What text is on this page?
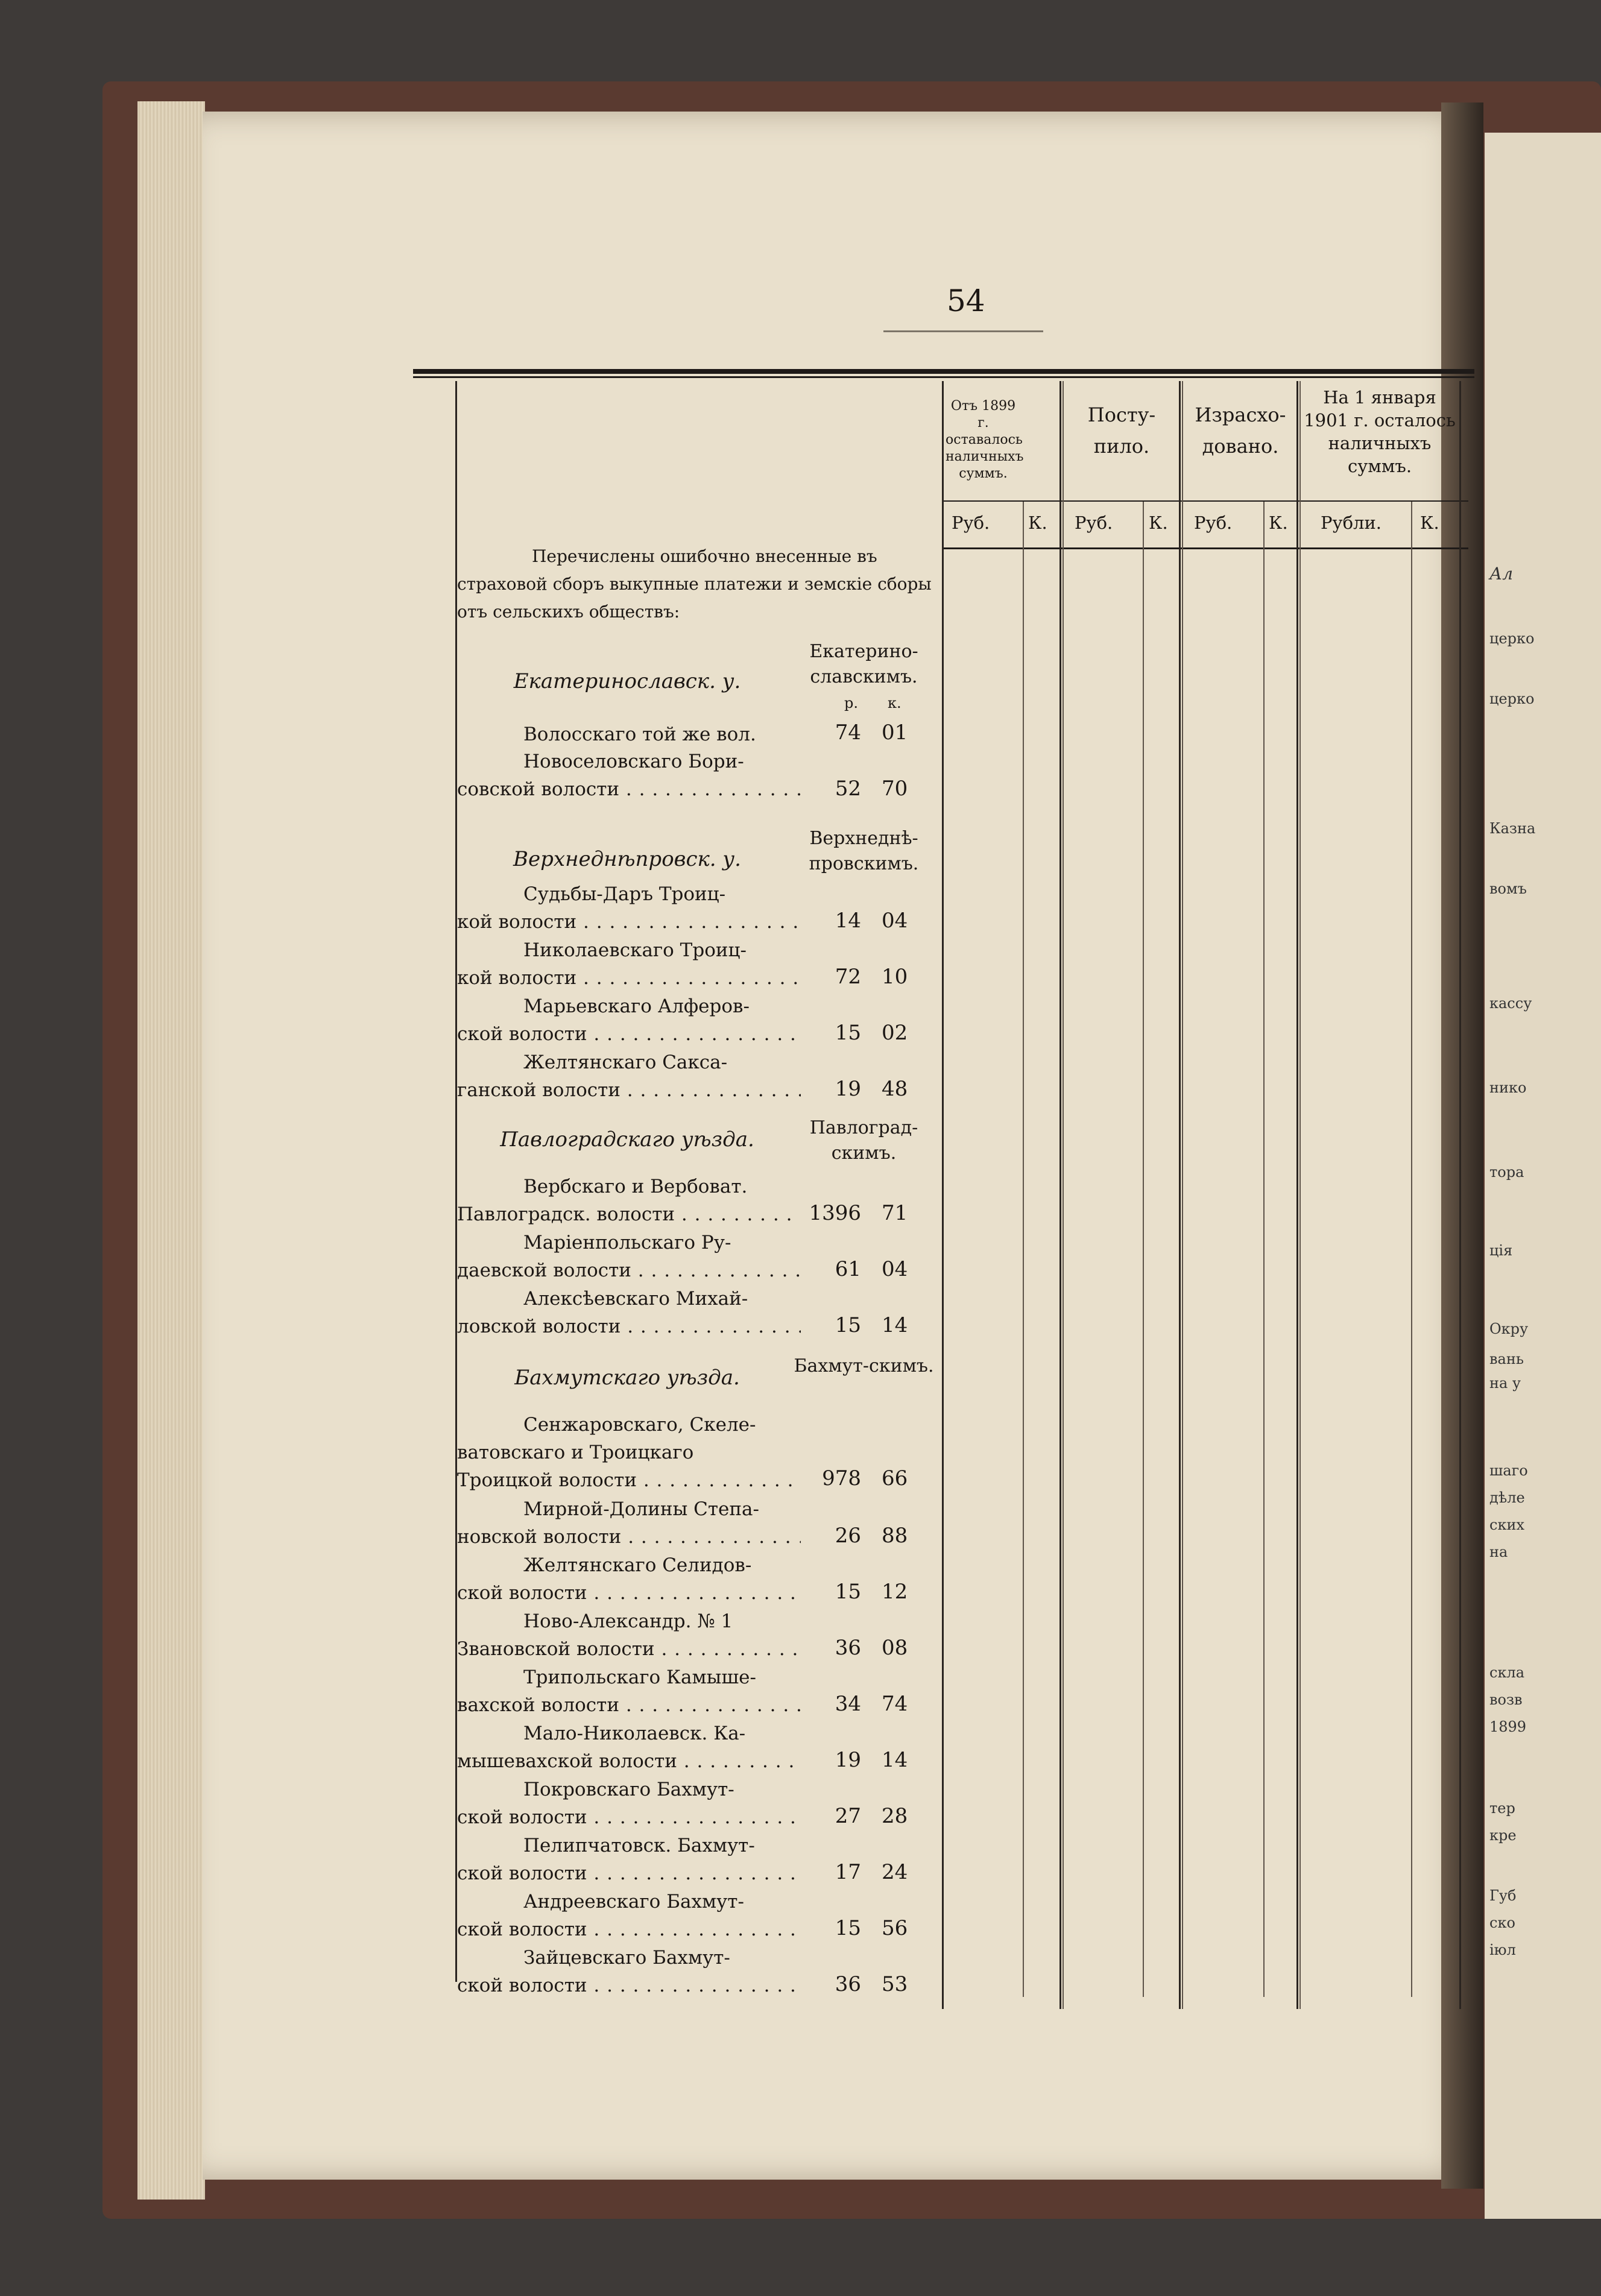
Ал
церко
церко
Казна
вомъ
кассу
нико
тора
ція
Окру
вань
на у
шаго
дѣле
ских
на
скла
возв
1899
тер
кре
Губ
ско
іюл
54
Отъ 1899 г. оставалось наличныхъ суммъ.
Посту-пило.
Израсхо-довано.
На 1 января 1901 г. осталось наличныхъ суммъ.
Руб. К. Руб. К. Руб. К. Рубли. К.
Перечислены ошибочно внесенные въ страховой сборъ выкупные платежи и земскіе сборы отъ сельскихъ обществъ:
Екатеринославск. у.
Екатерино-славскимъ.
р. к.
Волосскаго той же вол.	74 01
Новоселовскаго Бори-
совской волости . . .	52 70
Верхнеднѣпровск. у.
Верхнеднѣ-провскимъ.
Судьбы-Даръ Троиц-
кой волости . . .	14 04
Николаевскаго Троиц-
кой волости . . .	72 10
Марьевскаго Алферов-
ской волости . . .	15 02
Желтянскаго Сакса-
ганской волости . . .	19 48
Павлоградскаго уѣзда.	Павлоград-скимъ.
Вербскаго и Вербоват.
Павлоградск. волости . . .	1396 71
Маріенпольскаго Ру-
даевской волости . . .	61 04
Алексѣевскаго Михай-
ловской волости . . .	15 14
Бахмутскаго уѣзда.	Бахмут-скимъ.
Сенжаровскаго, Скеле-
ватовскаго и Троицкаго
Троицкой волости . . .	978 66
Мирной-Долины Степа-
новской волости . . .	26 88
Желтянскаго Селидов-
ской волости . . .	15 12
Ново-Александр. № 1
Звановской волости . . .	36 08
Трипольскаго Камыше-
вахской волости . . .	34 74
Мало-Николаевск. Ка-
мышевахской волости . . .	19 14
Покровскаго Бахмут-
ской волости . . .	27 28
Пелипчатовск. Бахмут-
ской волости . . .	17 24
Андреевскаго Бахмут-
ской волости . . .	15 56
Зайцевскаго Бахмут-
ской волости . . .	36 53
